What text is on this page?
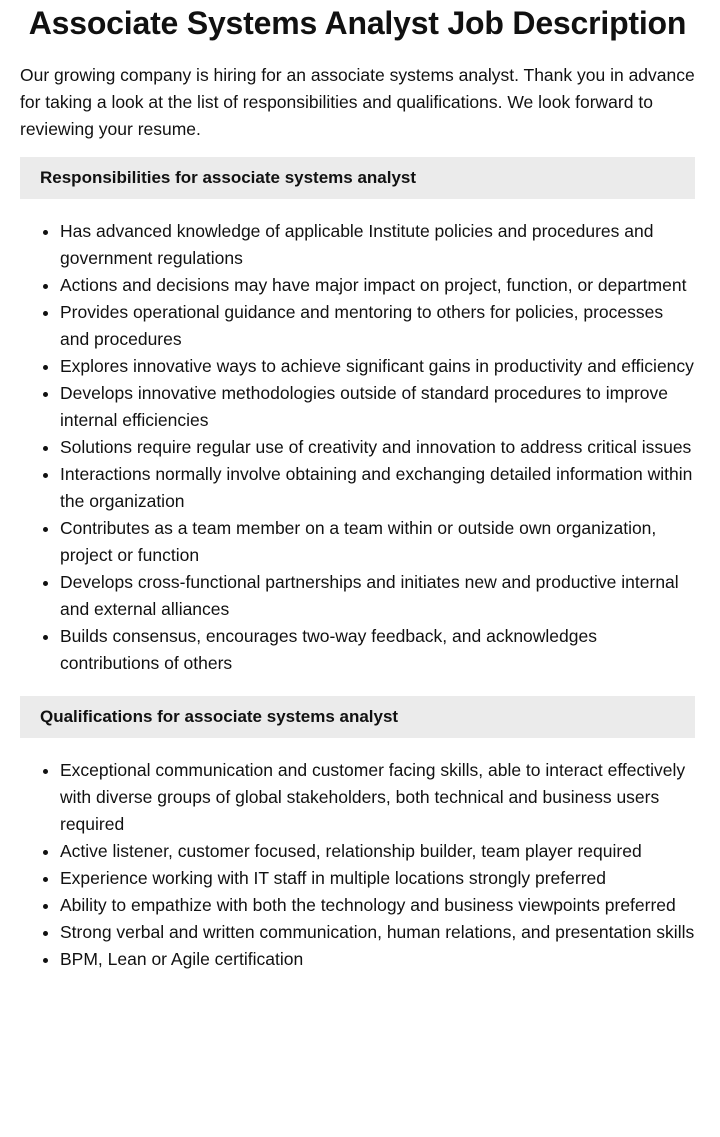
Associate Systems Analyst Job Description

Our growing company is hiring for an associate systems analyst. Thank you in advance for taking a look at the list of responsibilities and qualifications. We look forward to reviewing your resume.

Responsibilities for associate systems analyst
• Has advanced knowledge of applicable Institute policies and procedures and government regulations
• Actions and decisions may have major impact on project, function, or department
• Provides operational guidance and mentoring to others for policies, processes and procedures
• Explores innovative ways to achieve significant gains in productivity and efficiency
• Develops innovative methodologies outside of standard procedures to improve internal efficiencies
• Solutions require regular use of creativity and innovation to address critical issues
• Interactions normally involve obtaining and exchanging detailed information within the organization
• Contributes as a team member on a team within or outside own organization, project or function
• Develops cross-functional partnerships and initiates new and productive internal and external alliances
• Builds consensus, encourages two-way feedback, and acknowledges contributions of others
Qualifications for associate systems analyst
• Exceptional communication and customer facing skills, able to interact effectively with diverse groups of global stakeholders, both technical and business users required
• Active listener, customer focused, relationship builder, team player required
• Experience working with IT staff in multiple locations strongly preferred
• Ability to empathize with both the technology and business viewpoints preferred
• Strong verbal and written communication, human relations, and presentation skills
• BPM, Lean or Agile certification
